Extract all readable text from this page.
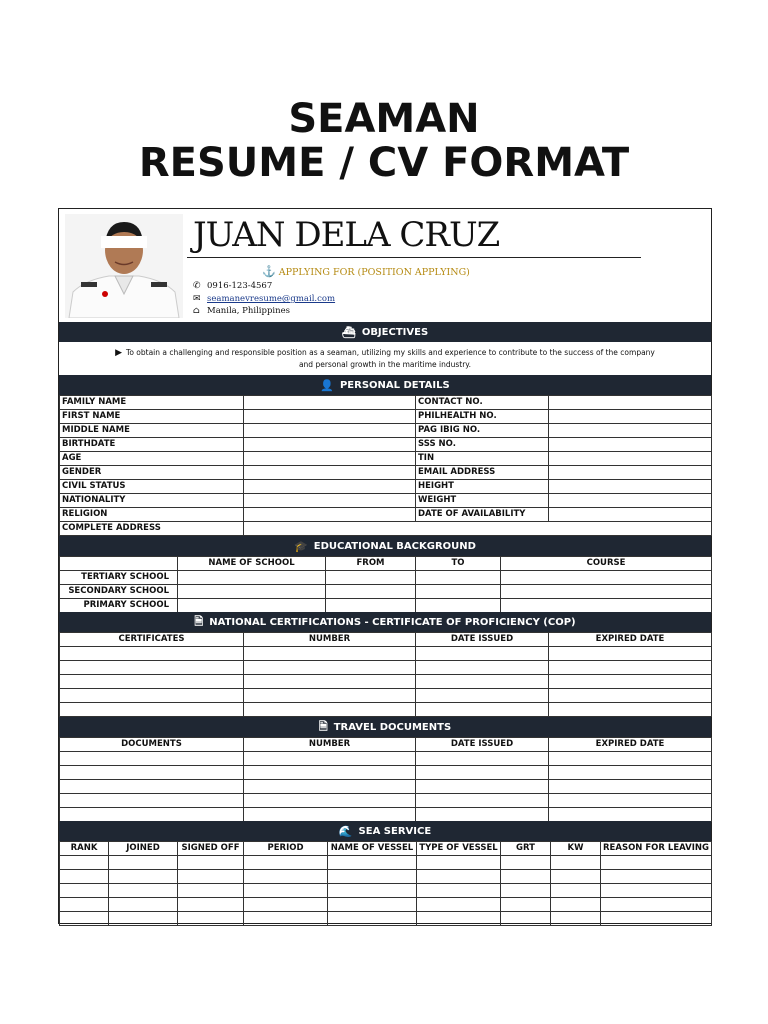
SEAMAN
RESUME / CV FORMAT
JUAN DELA CRUZ
⚓ APPLYING FOR (POSITION APPLYING)
✆ 0916-123-4567
✉ seamanevresume@gmail.com
⌂ Manila, Philippines
⛴ OBJECTIVES
▶ To obtain a challenging and responsible position as a seaman, utilizing my skills and experience to contribute to the success of the company
and personal growth in the maritime industry.
👤 PERSONAL DETAILS
FAMILY NAME		CONTACT NO.	
FIRST NAME		PHILHEALTH NO.	
MIDDLE NAME		PAG IBIG NO.	
BIRTHDATE		SSS NO.	
AGE		TIN	
GENDER		EMAIL ADDRESS	
CIVIL STATUS		HEIGHT	
NATIONALITY		WEIGHT	
RELIGION		DATE OF AVAILABILITY	
COMPLETE ADDRESS			
🎓 EDUCATIONAL BACKGROUND
	NAME OF SCHOOL	FROM	TO	COURSE
TERTIARY SCHOOL				
SECONDARY SCHOOL				
PRIMARY SCHOOL				
🗎 NATIONAL CERTIFICATIONS - CERTIFICATE OF PROFICIENCY (COP)
CERTIFICATES	NUMBER	DATE ISSUED	EXPIRED DATE

🗎 TRAVEL DOCUMENTS
DOCUMENTS	NUMBER	DATE ISSUED	EXPIRED DATE

🌊 SEA SERVICE
RANK	JOINED	SIGNED OFF	PERIOD	NAME OF VESSEL	TYPE OF VESSEL	GRT	KW	REASON FOR LEAVING
